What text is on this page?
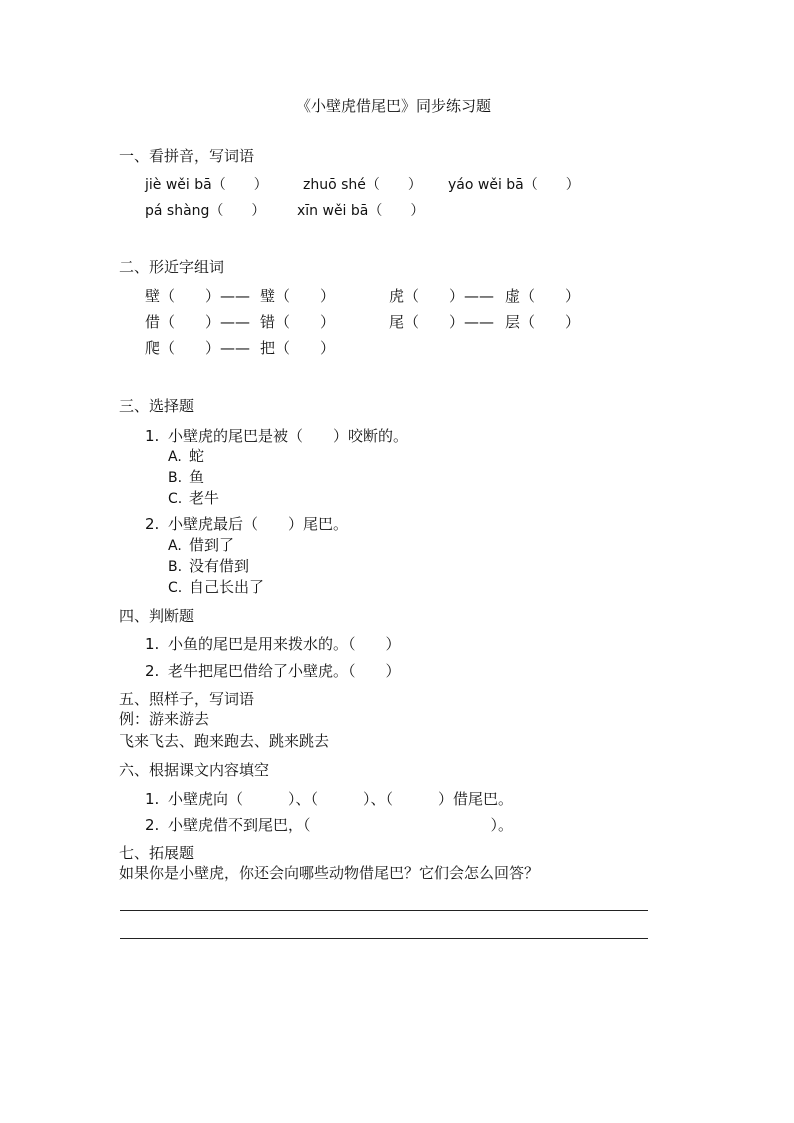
《小壁虎借尾巴》同步练习题
一、看拼音，写词语
jiè wěi bā（　　）	zhuō shé（　　） yáo wěi bā（　　）
pá shàng（　　） xīn wěi bā（　　）
二、形近字组词
壁（　　）—— 璧（　　）	虎（　　）—— 虚（　　）
借（　　）—— 错（　　）	尾（　　）—— 层（　　）
爬（　　）—— 把（　　）
三、选择题
1. 小壁虎的尾巴是被（　　）咬断的。
A. 蛇
B. 鱼
C. 老牛
2. 小壁虎最后（　　）尾巴。
A. 借到了
B. 没有借到
C. 自己长出了
四、判断题
1. 小鱼的尾巴是用来拨水的。（　　）
2. 老牛把尾巴借给了小壁虎。（　　）
五、照样子，写词语
例：游来游去
飞来飞去、跑来跑去、跳来跳去
六、根据课文内容填空
1. 小壁虎向（　　　）、（　　　）、（　　　）借尾巴。
2. 小壁虎借不到尾巴，（　　　　　　　　　　　　）。
七、拓展题
如果你是小壁虎，你还会向哪些动物借尾巴？它们会怎么回答？
